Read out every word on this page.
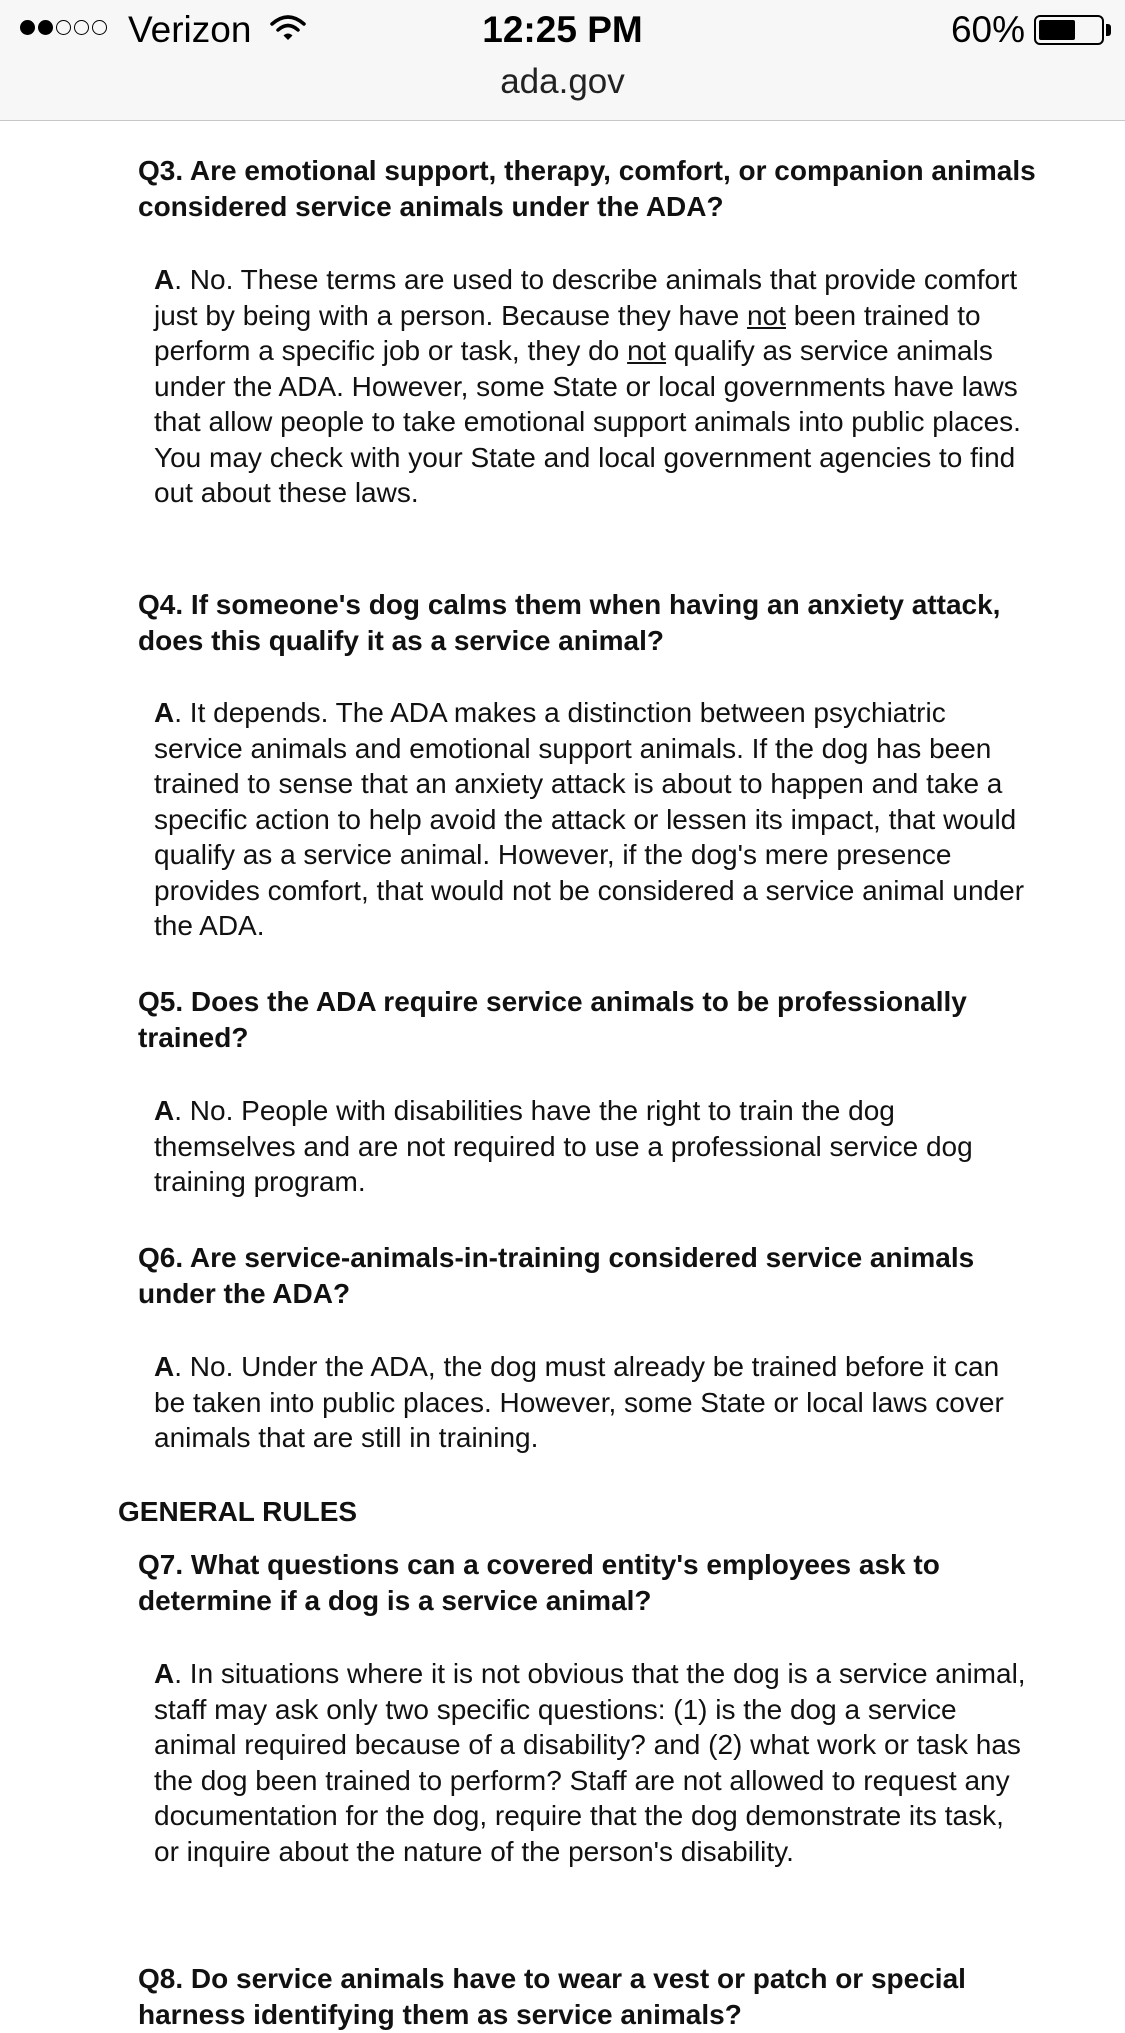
Verizon	12:25 PM	60%
ada.gov

Q3. Are emotional support, therapy, comfort, or companion animals considered service animals under the ADA?

A. No. These terms are used to describe animals that provide comfort just by being with a person. Because they have not been trained to perform a specific job or task, they do not qualify as service animals under the ADA. However, some State or local governments have laws that allow people to take emotional support animals into public places. You may check with your State and local government agencies to find out about these laws.

Q4. If someone's dog calms them when having an anxiety attack, does this qualify it as a service animal?

A. It depends. The ADA makes a distinction between psychiatric service animals and emotional support animals. If the dog has been trained to sense that an anxiety attack is about to happen and take a specific action to help avoid the attack or lessen its impact, that would qualify as a service animal. However, if the dog's mere presence provides comfort, that would not be considered a service animal under the ADA.

Q5. Does the ADA require service animals to be professionally trained?

A. No. People with disabilities have the right to train the dog themselves and are not required to use a professional service dog training program.

Q6. Are service-animals-in-training considered service animals under the ADA?

A. No. Under the ADA, the dog must already be trained before it can be taken into public places. However, some State or local laws cover animals that are still in training.

GENERAL RULES

Q7. What questions can a covered entity's employees ask to determine if a dog is a service animal?

A. In situations where it is not obvious that the dog is a service animal, staff may ask only two specific questions: (1) is the dog a service animal required because of a disability? and (2) what work or task has the dog been trained to perform? Staff are not allowed to request any documentation for the dog, require that the dog demonstrate its task, or inquire about the nature of the person's disability.

Q8. Do service animals have to wear a vest or patch or special harness identifying them as service animals?
